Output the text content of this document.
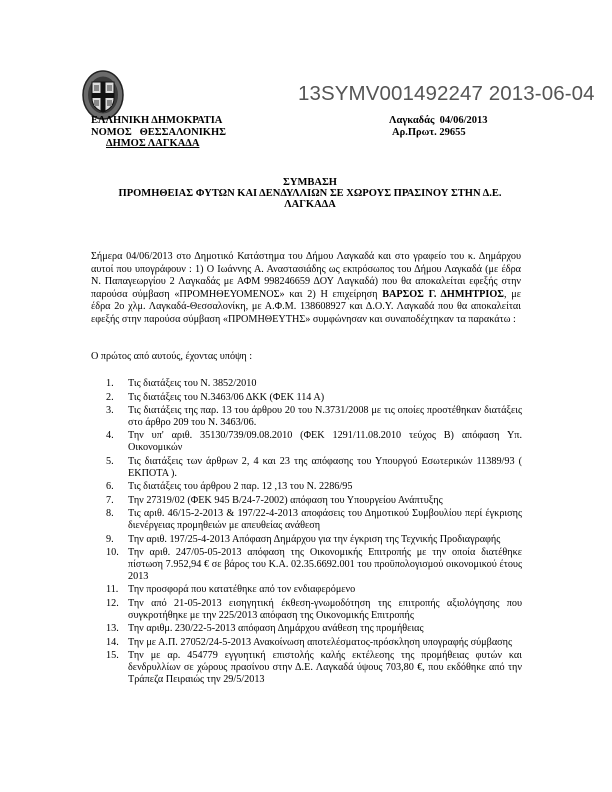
13SYMV001492247 2013-06-04
ΕΛΛΗΝΙΚΗ ΔΗΜΟΚΡΑΤΙΑ
ΝΟΜΟΣ   ΘΕΣΣΑΛΟΝΙΚΗΣ
ΔΗΜΟΣ ΛΑΓΚΑΔΑ
Λαγκαδάς  04/06/2013
Αρ.Πρωτ. 29655
ΣΥΜΒΑΣΗ
ΠΡΟΜΗΘΕΙΑΣ ΦΥΤΩΝ ΚΑΙ ΔΕΝΔΥΛΛΙΩΝ ΣΕ ΧΩΡΟΥΣ ΠΡΑΣΙΝΟΥ ΣΤΗΝ Δ.Ε.
ΛΑΓΚΑΔΑ
Σήμερα 04/06/2013 στο Δημοτικό Κατάστημα του Δήμου Λαγκαδά και στο γραφείο του κ. Δημάρχου αυτοί που υπογράφουν : 1) Ο Ιωάννης Α. Αναστασιάδης ως εκπρόσωπος του Δήμου Λαγκαδά (με έδρα Ν. Παπαγεωργίου 2 Λαγκαδάς με ΑΦΜ 998246659 ΔΟΥ Λαγκαδά) που θα αποκαλείται εφεξής στην παρούσα σύμβαση «ΠΡΟΜΗΘΕΥΟΜΕΝΟΣ» και 2) Η επιχείρηση ΒΑΡΣΟΣ Γ. ΔΗΜΗΤΡΙΟΣ, με έδρα 2ο χλμ. Λαγκαδά-Θεσσαλονίκη, με Α.Φ.Μ. 138608927 και Δ.Ο.Υ. Λαγκαδά που θα αποκαλείται εφεξής στην παρούσα σύμβαση «ΠΡΟΜΗΘΕΥΤΗΣ» συμφώνησαν και συναποδέχτηκαν τα παρακάτω :
Ο πρώτος από αυτούς, έχοντας υπόψη :
1. Τις διατάξεις του Ν. 3852/2010
2. Τις διατάξεις του Ν.3463/06 ΔΚΚ (ΦΕΚ 114 Α)
3. Τις διατάξεις της παρ. 13 του άρθρου 20 του Ν.3731/2008 με τις οποίες προστέθηκαν διατάξεις στο άρθρο 209 του Ν. 3463/06.
4. Την υπ' αριθ. 35130/739/09.08.2010 (ΦΕΚ 1291/11.08.2010 τεύχος Β) απόφαση Υπ. Οικονομικών
5. Τις διατάξεις των άρθρων 2, 4 και 23 της απόφασης του Υπουργού Εσωτερικών 11389/93 ( ΕΚΠΟΤΑ ).
6. Τις διατάξεις του άρθρου 2 παρ. 12 ,13 του Ν. 2286/95
7. Την 27319/02 (ΦΕΚ 945 Β/24-7-2002) απόφαση του Υπουργείου Ανάπτυξης
8. Τις αριθ. 46/15-2-2013 & 197/22-4-2013 αποφάσεις του Δημοτικού Συμβουλίου περί έγκρισης διενέργειας προμηθειών με απευθείας ανάθεση
9. Την αριθ. 197/25-4-2013 Απόφαση Δημάρχου για την έγκριση της Τεχνικής Προδιαγραφής
10. Την αριθ. 247/05-05-2013 απόφαση της Οικονομικής Επιτροπής με την οποία διατέθηκε πίστωση 7.952,94 € σε βάρος του Κ.Α. 02.35.6692.001 του προϋπολογισμού οικονομικού έτους 2013
11. Την προσφορά που κατατέθηκε από τον ενδιαφερόμενο
12. Την από 21-05-2013 εισηγητική έκθεση-γνωμοδότηση της επιτροπής αξιολόγησης που συγκροτήθηκε με την 225/2013 απόφαση της Οικονομικής Επιτροπής
13. Την αριθμ. 230/22-5-2013 απόφαση Δημάρχου ανάθεση της προμήθειας
14. Την με Α.Π. 27052/24-5-2013 Ανακοίνωση αποτελέσματος-πρόσκληση υπογραφής σύμβασης
15. Την με αρ. 454779 εγγυητική επιστολής καλής εκτέλεσης της προμήθειας φυτών και δενδρυλλίων σε χώρους πρασίνου στην Δ.Ε. Λαγκαδά ύψους 703,80 €, που εκδόθηκε από την Τράπεζα Πειραιώς την 29/5/2013
